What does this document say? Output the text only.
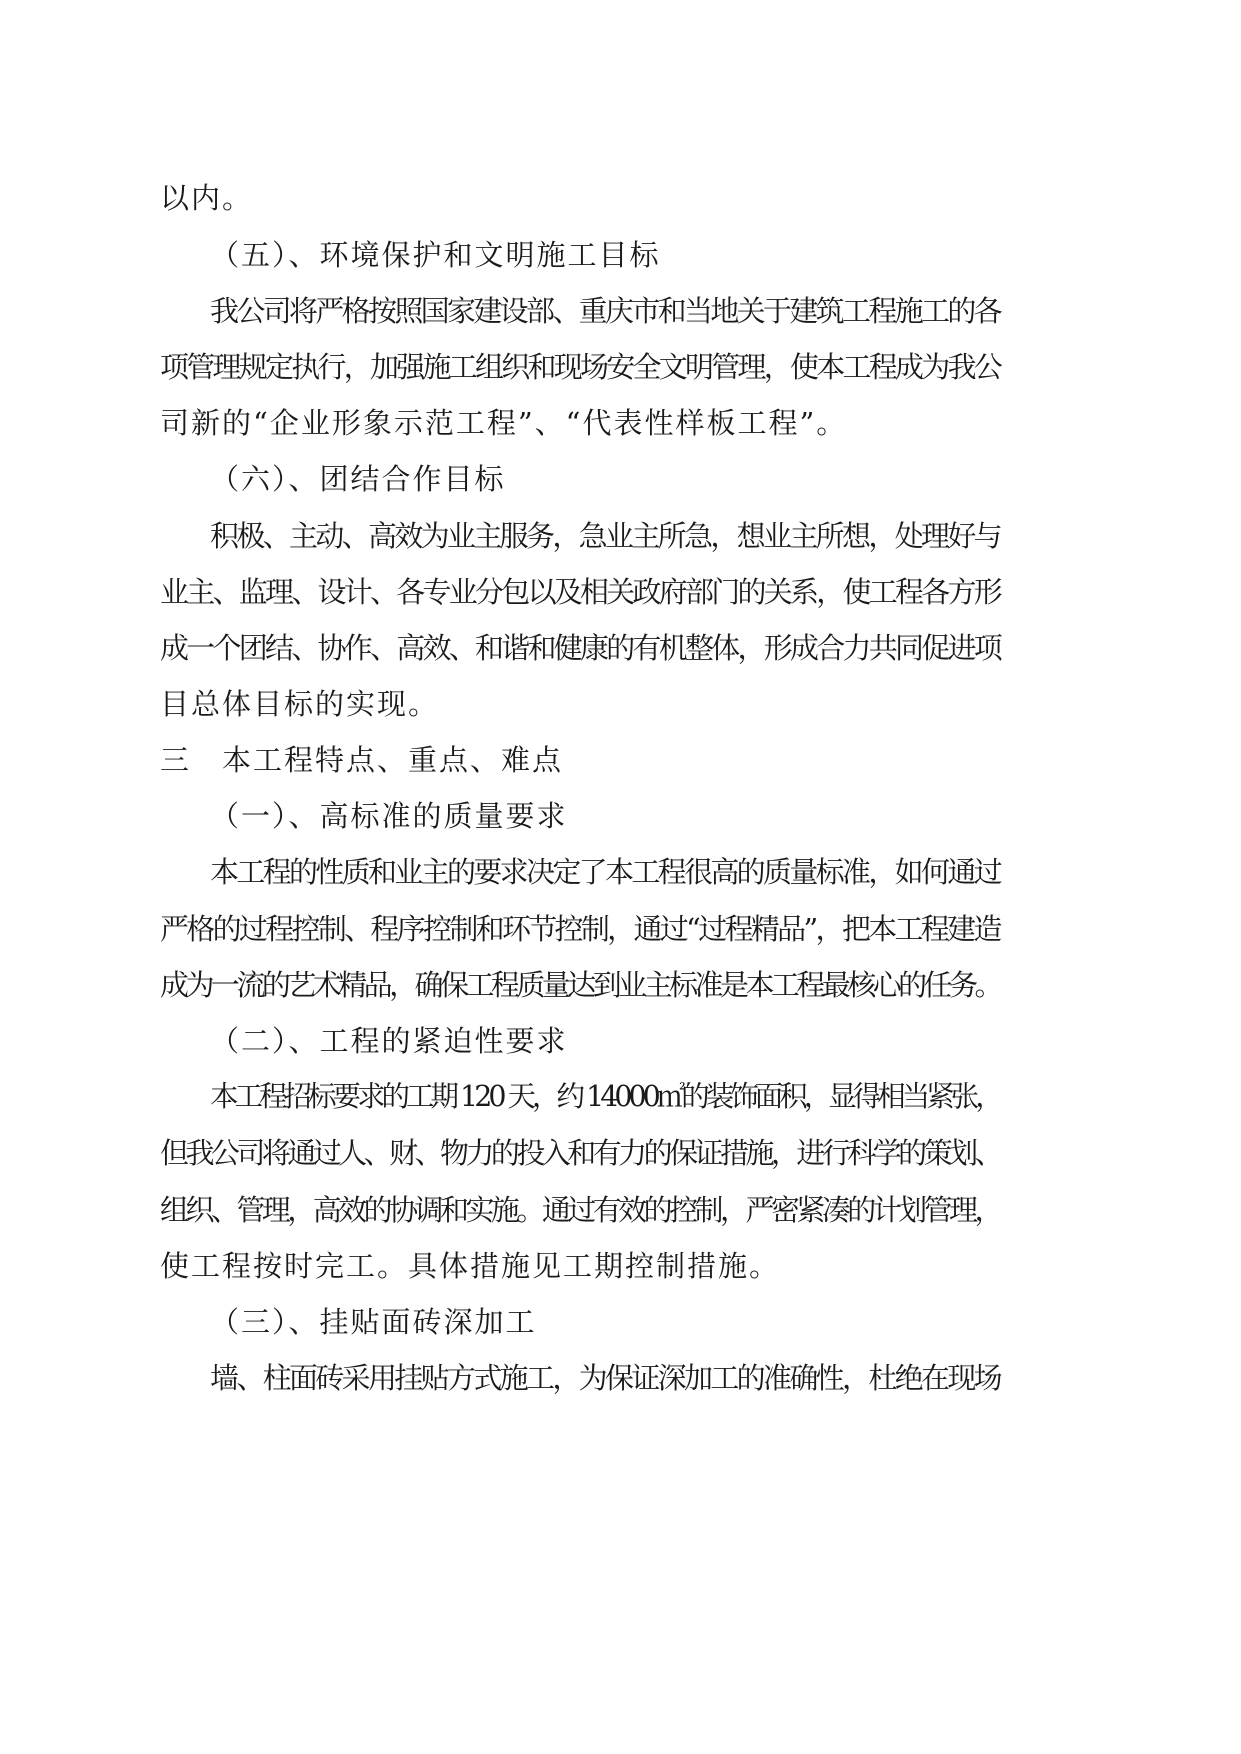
以内。
（五）、环境保护和文明施工目标
我公司将严格按照国家建设部、重庆市和当地关于建筑工程施工的各
项管理规定执行，加强施工组织和现场安全文明管理，使本工程成为我公
司新的“企业形象示范工程”、“代表性样板工程”。
（六）、团结合作目标
积极、主动、高效为业主服务，急业主所急，想业主所想，处理好与
业主、监理、设计、各专业分包以及相关政府部门的关系，使工程各方形
成一个团结、协作、高效、和谐和健康的有机整体，形成合力共同促进项
目总体目标的实现。
三　本工程特点、重点、难点
（一）、高标准的质量要求
本工程的性质和业主的要求决定了本工程很高的质量标准，如何通过
严格的过程控制、程序控制和环节控制，通过“过程精品”，把本工程建造
成为一流的艺术精品，确保工程质量达到业主标准是本工程最核心的任务。
（二）、工程的紧迫性要求
本工程招标要求的工期 120 天，约 14000㎡的装饰面积，显得相当紧张，
但我公司将通过人、财、物力的投入和有力的保证措施，进行科学的策划、
组织、管理，高效的协调和实施。通过有效的控制，严密紧凑的计划管理，
使工程按时完工。具体措施见工期控制措施。
（三）、挂贴面砖深加工
墙、柱面砖采用挂贴方式施工，为保证深加工的准确性，杜绝在现场
